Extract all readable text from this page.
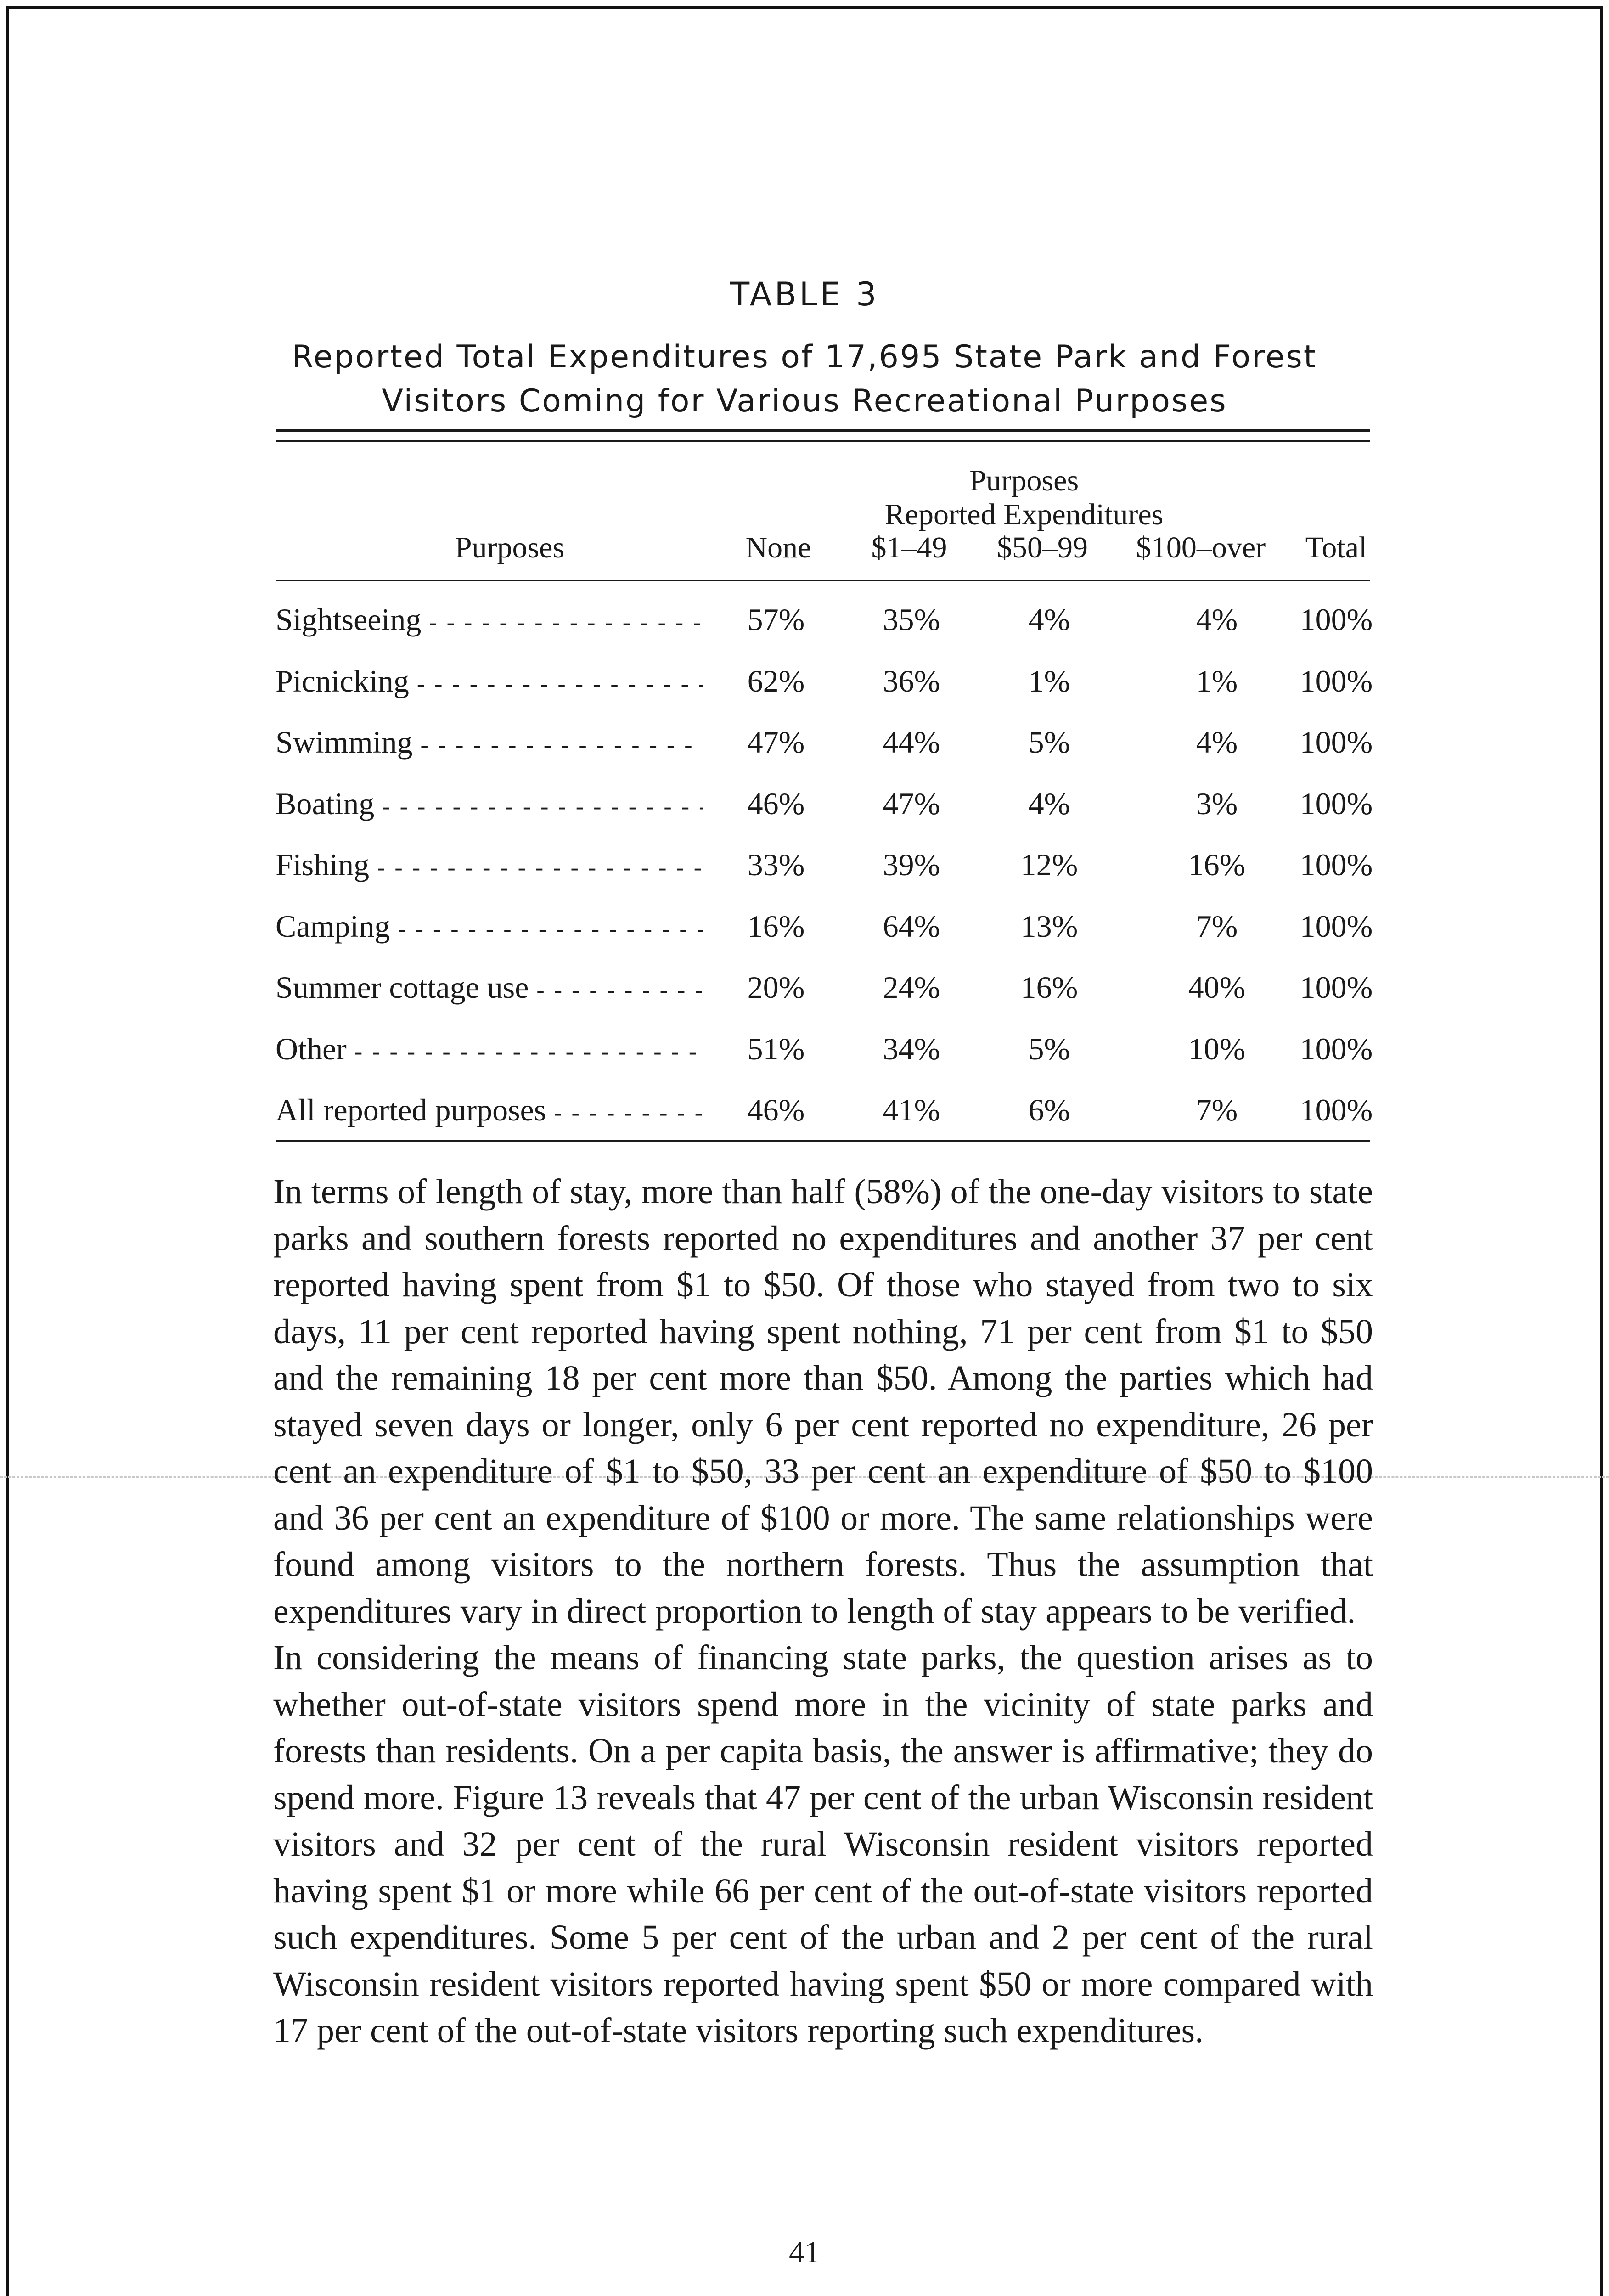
TABLE 3
Reported Total Expenditures of 17,695 State Park and Forest
Visitors Coming for Various Recreational Purposes
Purposes
Reported Expenditures
Purposes	None	$1–49	$50–99	$100–over	Total
Sightseeing - - -	57%	35%	4%	4%	100%
Picnicking - - -	62%	36%	1%	1%	100%
Swimming - - -	47%	44%	5%	4%	100%
Boating - - -	46%	47%	4%	3%	100%
Fishing - - -	33%	39%	12%	16%	100%
Camping - - -	16%	64%	13%	7%	100%
Summer cottage use - - -	20%	24%	16%	40%	100%
Other - - -	51%	34%	5%	10%	100%
All reported purposes - - -	46%	41%	6%	7%	100%

In terms of length of stay, more than half (58%) of the one-day visitors to state parks and southern forests reported no expenditures and another 37 per cent reported having spent from $1 to $50. Of those who stayed from two to six days, 11 per cent reported having spent nothing, 71 per cent from $1 to $50 and the remaining 18 per cent more than $50. Among the parties which had stayed seven days or longer, only 6 per cent reported no expenditure, 26 per cent an expenditure of $1 to $50, 33 per cent an expenditure of $50 to $100 and 36 per cent an expenditure of $100 or more. The same relationships were found among visitors to the northern forests. Thus the assumption that expenditures vary in direct proportion to length of stay appears to be verified.

In considering the means of financing state parks, the question arises as to whether out-of-state visitors spend more in the vicinity of state parks and forests than residents. On a per capita basis, the answer is affirmative; they do spend more. Figure 13 reveals that 47 per cent of the urban Wisconsin resident visitors and 32 per cent of the rural Wisconsin resident visitors reported having spent $1 or more while 66 per cent of the out-of-state visitors reported such expenditures. Some 5 per cent of the urban and 2 per cent of the rural Wisconsin resident visitors reported having spent $50 or more compared with 17 per cent of the out-of-state visitors reporting such expenditures.

41
